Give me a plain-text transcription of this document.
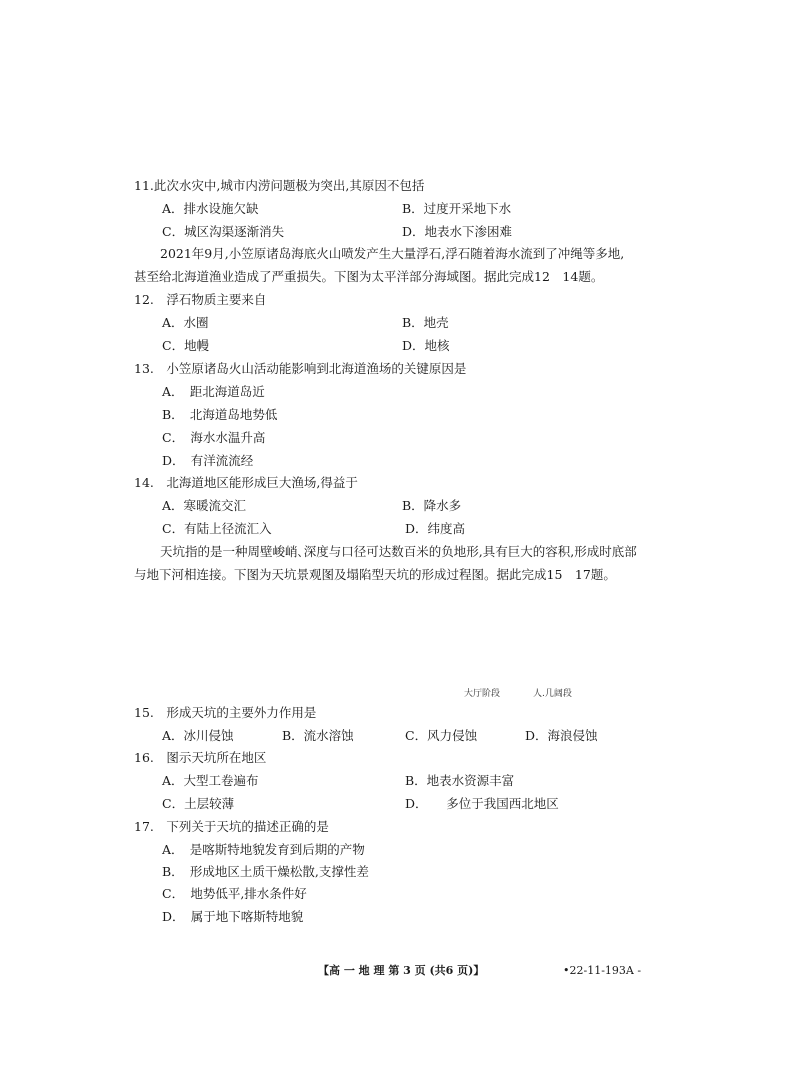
11.此次水灾中,城市内涝问题极为突出,其原因不包括
A．排水设施欠缺	B．过度开采地下水
C．城区沟渠逐渐消失	D．地表水下渗困难
2021年9月,小笠原诸岛海底火山喷发产生大量浮石,浮石随着海水流到了冲绳等多地,
甚至给北海道渔业造成了严重损失。下图为太平洋部分海域图。据此完成12　14题。
12.　浮石物质主要来自
A．水圈	B．地壳
C．地幔	D．地核
13.　小笠原诸岛火山活动能影响到北海道渔场的关键原因是
A．　距北海道岛近
B．　北海道岛地势低
C．　海水水温升高
D．　有洋流流经
14.　北海道地区能形成巨大渔场,得益于
A．寒暖流交汇	B．降水多
C．有陆上径流汇入	D．纬度高
天坑指的是一种周壁峻峭､深度与口径可达数百米的负地形,具有巨大的容积,形成时底部
与地下河相连接。下图为天坑景观图及塌陷型天坑的形成过程图。据此完成15　17题。
大厅阶段	人.几阔段
15.　形成天坑的主要外力作用是
A．冰川侵蚀	B．流水溶蚀	C．风力侵蚀	D．海浪侵蚀
16.　图示天坑所在地区
A．大型工卷遍布	B．地表水资源丰富
C．土层较薄	D．　　多位于我国西北地区
17.　下列关于天坑的描述正确的是
A．　是喀斯特地貌发育到后期的产物
B．　形成地区土质干燥松散,支撑性差
C．　地势低平,排水条件好
D．　属于地下喀斯特地貌
【高 一 地 理 第 3 页 (共6 页)】	•22-11-193A -
